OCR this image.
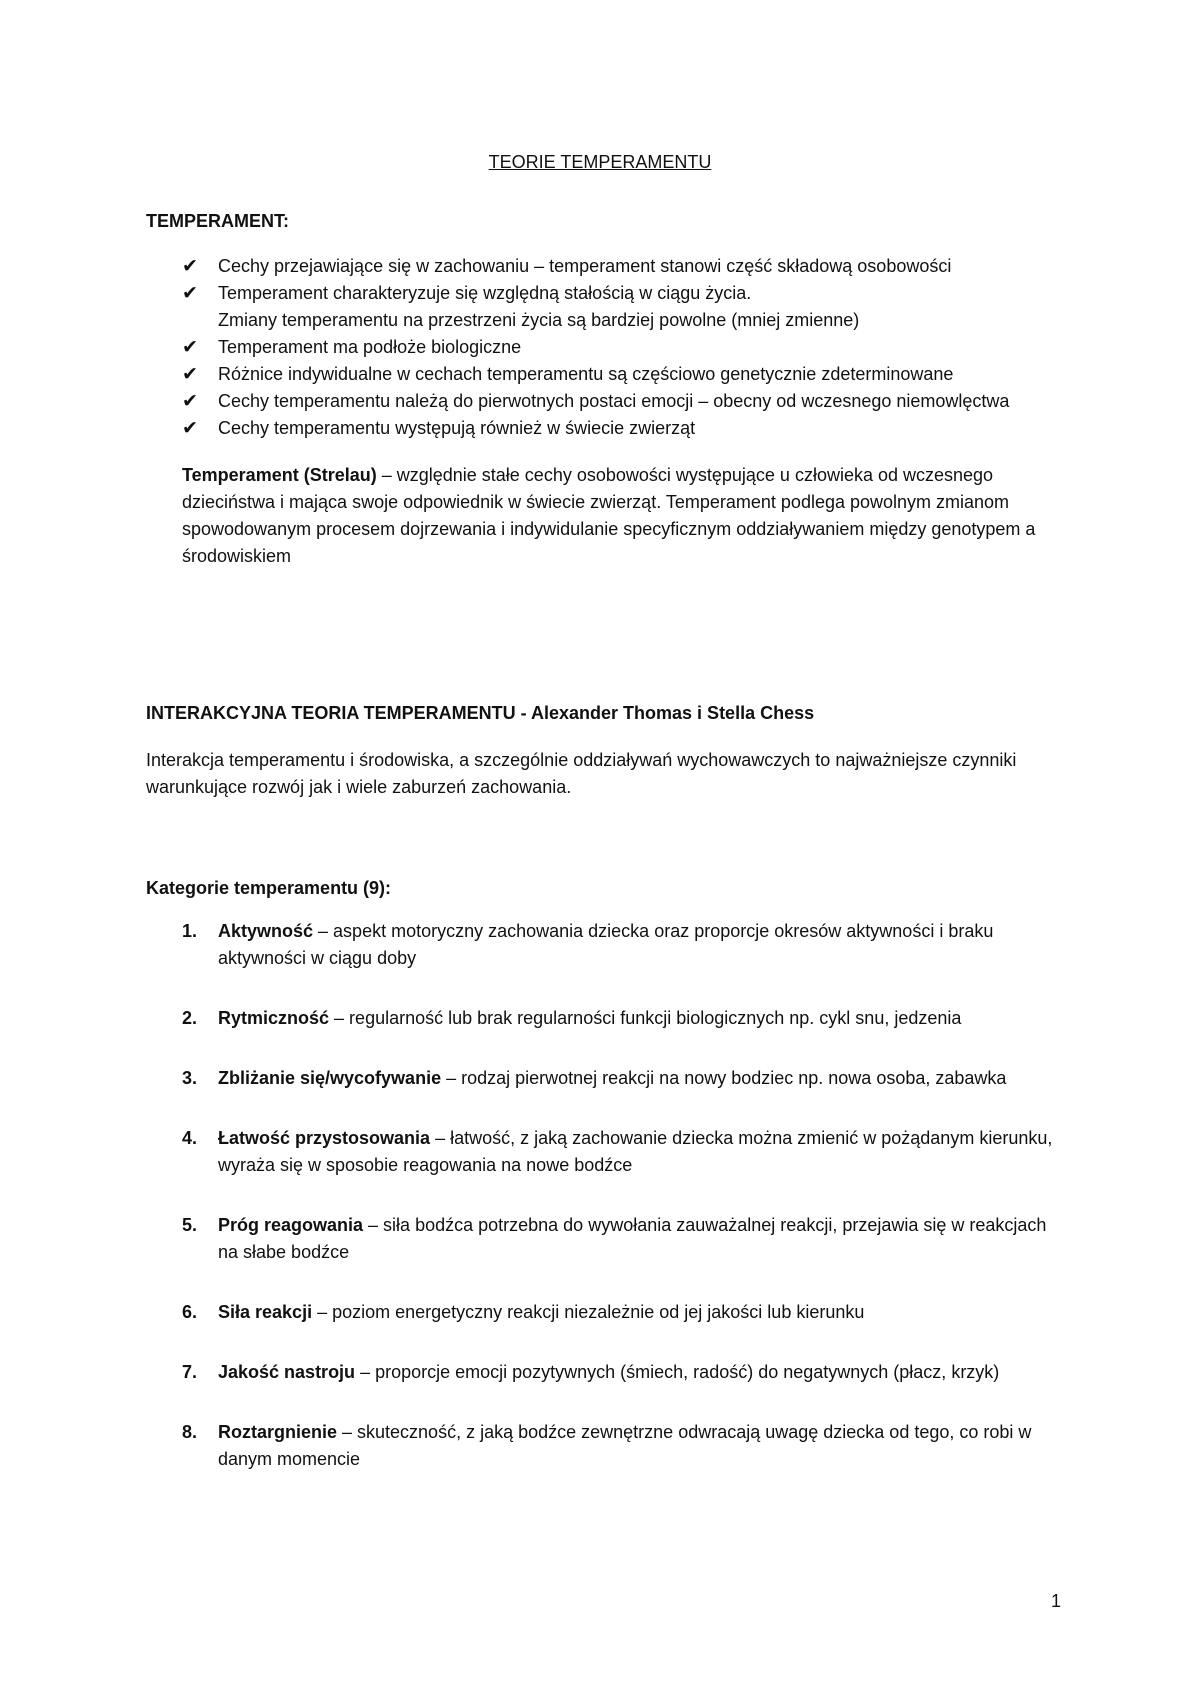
TEORIE TEMPERAMENTU
TEMPERAMENT:
✔ Cechy przejawiające się w zachowaniu – temperament stanowi część składową osobowości
✔ Temperament charakteryzuje się względną stałością w ciągu życia.
Zmiany temperamentu na przestrzeni życia są bardziej powolne (mniej zmienne)
✔ Temperament ma podłoże biologiczne
✔ Różnice indywidualne w cechach temperamentu są częściowo genetycznie zdeterminowane
✔ Cechy temperamentu należą do pierwotnych postaci emocji – obecny od wczesnego niemowlęctwa
✔ Cechy temperamentu występują również w świecie zwierząt

Temperament (Strelau) – względnie stałe cechy osobowości występujące u człowieka od wczesnego dzieciństwa i mająca swoje odpowiednik w świecie zwierząt. Temperament podlega powolnym zmianom spowodowanym procesem dojrzewania i indywidulanie specyficznym oddziaływaniem między genotypem a środowiskiem

INTERAKCYJNA TEORIA TEMPERAMENTU - Alexander Thomas i Stella Chess

Interakcja temperamentu i środowiska, a szczególnie oddziaływań wychowawczych to najważniejsze czynniki warunkujące rozwój jak i wiele zaburzeń zachowania.

Kategorie temperamentu (9):
1. Aktywność – aspekt motoryczny zachowania dziecka oraz proporcje okresów aktywności i braku aktywności w ciągu doby
2. Rytmiczność – regularność lub brak regularności funkcji biologicznych np. cykl snu, jedzenia
3. Zbliżanie się/wycofywanie – rodzaj pierwotnej reakcji na nowy bodziec np. nowa osoba, zabawka
4. Łatwość przystosowania – łatwość, z jaką zachowanie dziecka można zmienić w pożądanym kierunku, wyraża się w sposobie reagowania na nowe bodźce
5. Próg reagowania – siła bodźca potrzebna do wywołania zauważalnej reakcji, przejawia się w reakcjach na słabe bodźce
6. Siła reakcji – poziom energetyczny reakcji niezależnie od jej jakości lub kierunku
7. Jakość nastroju – proporcje emocji pozytywnych (śmiech, radość) do negatywnych (płacz, krzyk)
8. Roztargnienie – skuteczność, z jaką bodźce zewnętrzne odwracają uwagę dziecka od tego, co robi w danym momencie
1
